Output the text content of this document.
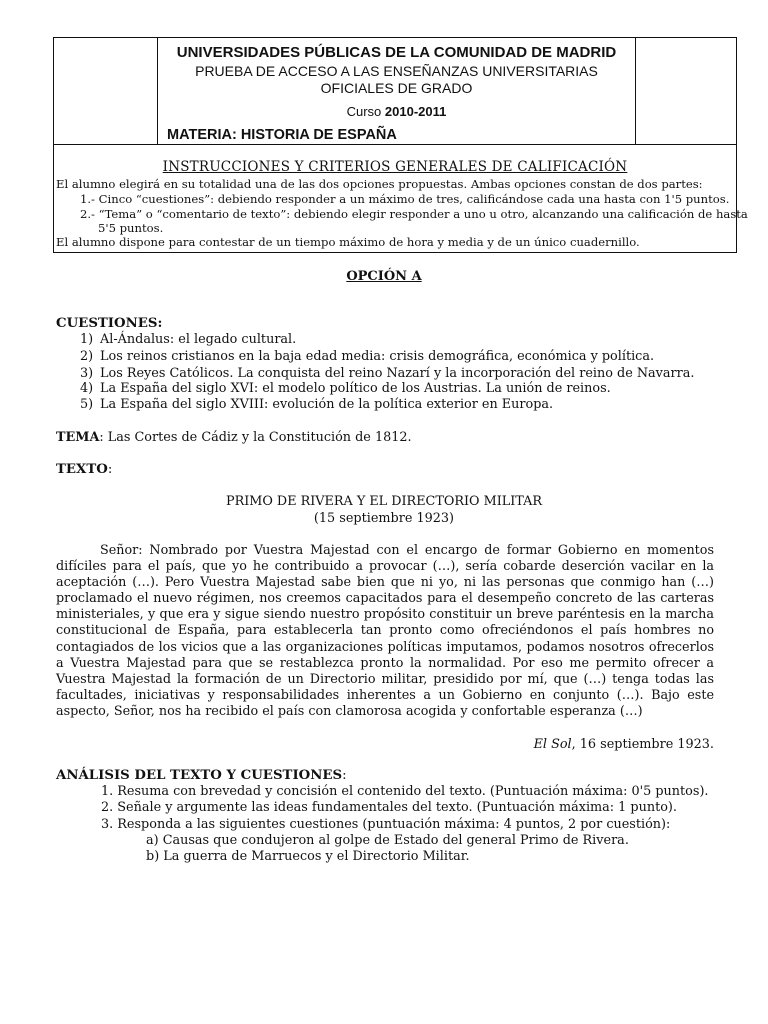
UNIVERSIDADES PÚBLICAS DE LA COMUNIDAD DE MADRID
PRUEBA DE ACCESO A LAS ENSEÑANZAS UNIVERSITARIAS
OFICIALES DE GRADO
Curso 2010-2011
MATERIA: HISTORIA DE ESPAÑA
INSTRUCCIONES Y CRITERIOS GENERALES DE CALIFICACIÓN
El alumno elegirá en su totalidad una de las dos opciones propuestas. Ambas opciones constan de dos partes:
1.- Cinco “cuestiones”: debiendo responder a un máximo de tres, calificándose cada una hasta con 1'5 puntos.
2.- “Tema” o “comentario de texto”: debiendo elegir responder a uno u otro, alcanzando una calificación de hasta
5'5 puntos.
El alumno dispone para contestar de un tiempo máximo de hora y media y de un único cuadernillo.
OPCIÓN A
CUESTIONES:
1) Al-Ándalus: el legado cultural.
2) Los reinos cristianos en la baja edad media: crisis demográfica, económica y política.
3) Los Reyes Católicos. La conquista del reino Nazarí y la incorporación del reino de Navarra.
4) La España del siglo XVI: el modelo político de los Austrias. La unión de reinos.
5) La España del siglo XVIII: evolución de la política exterior en Europa.
TEMA: Las Cortes de Cádiz y la Constitución de 1812.
TEXTO:
PRIMO DE RIVERA Y EL DIRECTORIO MILITAR
(15 septiembre 1923)
Señor: Nombrado por Vuestra Majestad con el encargo de formar Gobierno en momentos difíciles para el país, que yo he contribuido a provocar (…), sería cobarde deserción vacilar en la aceptación (…). Pero Vuestra Majestad sabe bien que ni yo, ni las personas que conmigo han (…) proclamado el nuevo régimen, nos creemos capacitados para el desempeño concreto de las carteras ministeriales, y que era y sigue siendo nuestro propósito constituir un breve paréntesis en la marcha constitucional de España, para establecerla tan pronto como ofreciéndonos el país hombres no contagiados de los vicios que a las organizaciones políticas imputamos, podamos nosotros ofrecerlos a Vuestra Majestad para que se restablezca pronto la normalidad. Por eso me permito ofrecer a Vuestra Majestad la formación de un Directorio militar, presidido por mí, que (…) tenga todas las facultades, iniciativas y responsabilidades inherentes a un Gobierno en conjunto (…). Bajo este aspecto, Señor, nos ha recibido el país con clamorosa acogida y confortable esperanza (…)
El Sol, 16 septiembre 1923.
ANÁLISIS DEL TEXTO Y CUESTIONES:
1. Resuma con brevedad y concisión el contenido del texto. (Puntuación máxima: 0'5 puntos).
2. Señale y argumente las ideas fundamentales del texto. (Puntuación máxima: 1 punto).
3. Responda a las siguientes cuestiones (puntuación máxima: 4 puntos, 2 por cuestión):
a) Causas que condujeron al golpe de Estado del general Primo de Rivera.
b) La guerra de Marruecos y el Directorio Militar.
